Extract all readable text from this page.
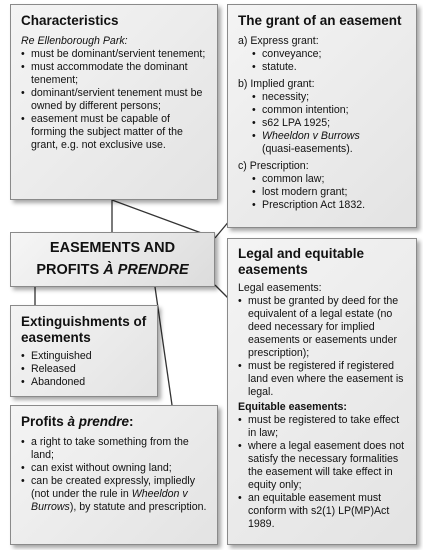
Characteristics
Re Ellenborough Park:
• must be dominant/servient tenement;
• must accommodate the dominant tenement;
• dominant/servient tenement must be owned by different persons;
• easement must be capable of forming the subject matter of the grant, e.g. not exclusive use.
The grant of an easement
a) Express grant:
• conveyance;
• statute.
b) Implied grant:
• necessity;
• common intention;
• s62 LPA 1925;
• Wheeldon v Burrows
(quasi-easements).
c) Prescription:
• common law;
• lost modern grant;
• Prescription Act 1832.
EASEMENTS AND
PROFITS À PRENDRE
Legal and equitable easements
Legal easements:
• must be granted by deed for the equivalent of a legal estate (no deed necessary for implied easements or easements under prescription);
• must be registered if registered land even where the easement is legal.
Equitable easements:
• must be registered to take effect in law;
• where a legal easement does not satisfy the necessary formalities the easement will take effect in equity only;
• an equitable easement must conform with s2(1) LP(MP)Act 1989.
Extinguishments of easements
• Extinguished
• Released
• Abandoned
Profits à prendre:
• a right to take something from the land;
• can exist without owning land;
• can be created expressly, impliedly (not under the rule in Wheeldon v Burrows), by statute and prescription.
